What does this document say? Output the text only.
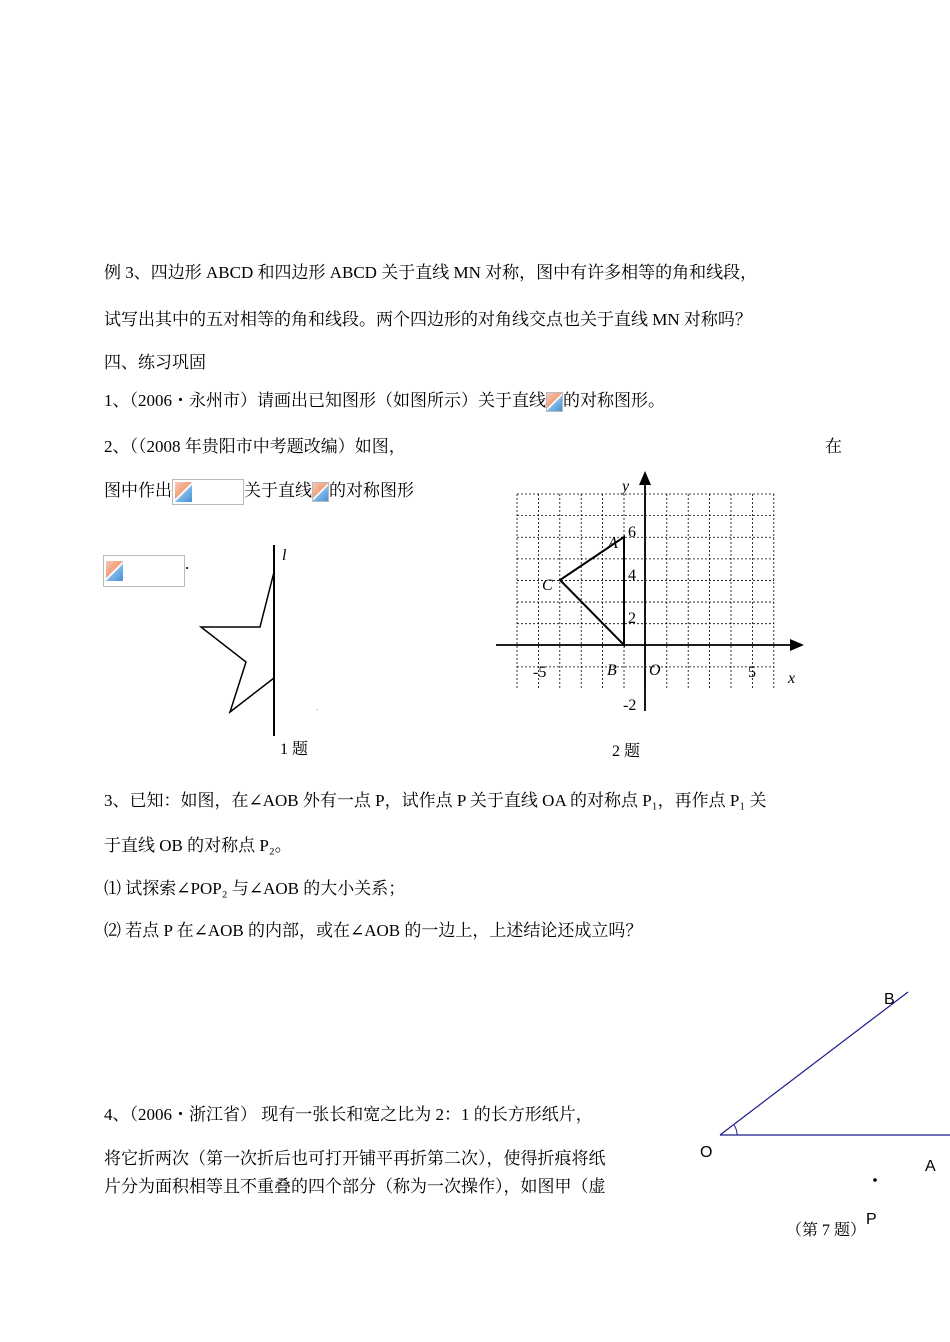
例 3、四边形 ABCD 和四边形 ABCD 关于直线 MN 对称，图中有许多相等的角和线段，
试写出其中的五对相等的角和线段。两个四边形的对角线交点也关于直线 MN 对称吗？
四、练习巩固
1、（2006・永州市）请画出已知图形（如图所示）关于直线 的对称图形。
2、（（2008 年贵阳市中考题改编）如图，	在
图中作出	关于直线 的对称图形
.	l
1 题
`
x
y
O
-5	5
6
4
2
-2
A
C
B
2 题
3、已知：如图，在∠AOB 外有一点 P，试作点 P 关于直线 OA 的对称点 P₁，再作点 P₁ 关
于直线 OB 的对称点 P₂。
⑴ 试探索∠POP₂ 与∠AOB 的大小关系；
⑵ 若点 P 在∠AOB 的内部，或在∠AOB 的一边上，上述结论还成立吗？
B
O
A
P
（第 7 题）
4、（2006・浙江省） 现有一张长和宽之比为 2：1 的长方形纸片，
将它折两次（第一次折后也可打开铺平再折第二次），使得折痕将纸
片分为面积相等且不重叠的四个部分（称为一次操作），如图甲（虚
